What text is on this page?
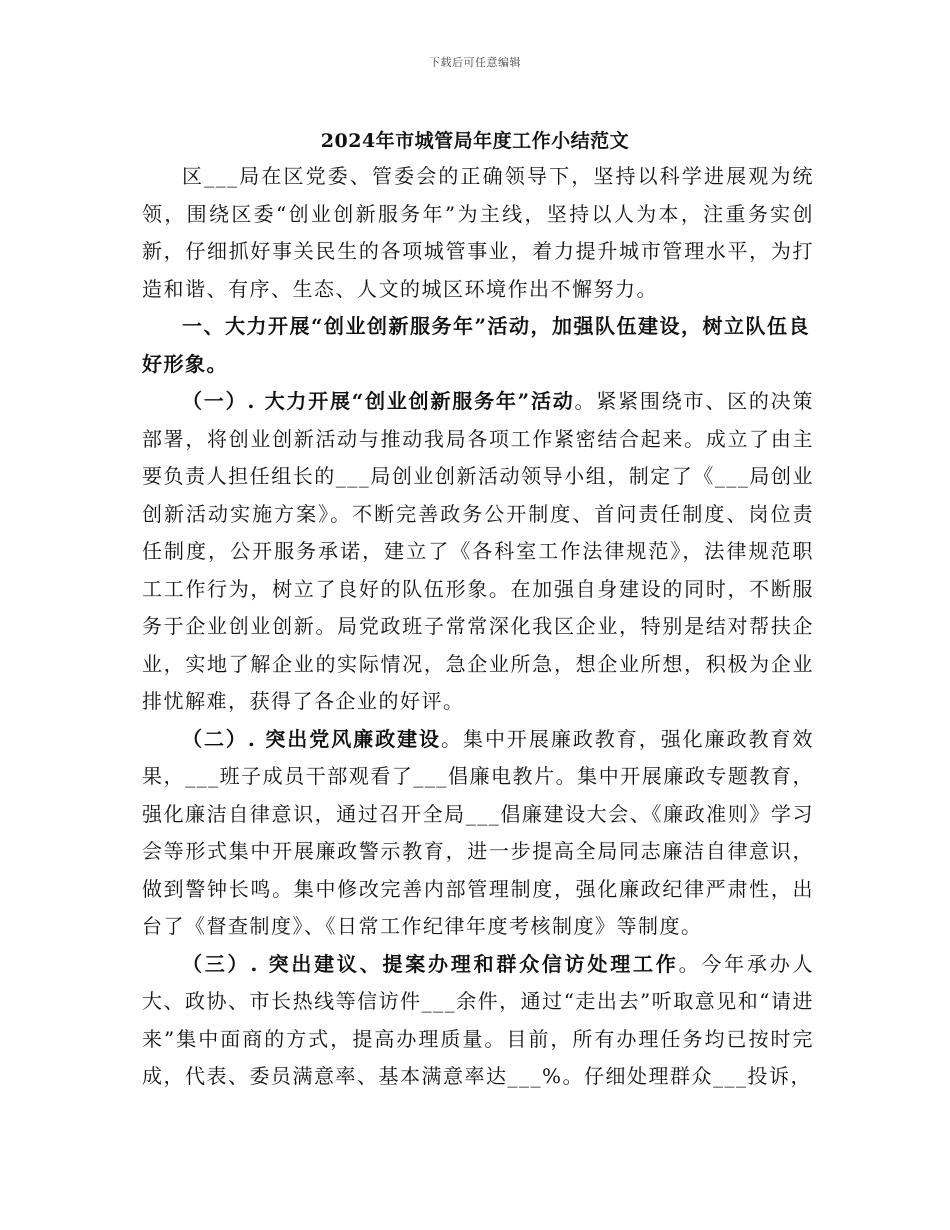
下载后可任意编辑
2024年市城管局年度工作小结范文

区___局在区党委、管委会的正确领导下，坚持以科学进展观为统领，围绕区委“创业创新服务年”为主线，坚持以人为本，注重务实创新，仔细抓好事关民生的各项城管事业，着力提升城市管理水平，为打造和谐、有序、生态、人文的城区环境作出不懈努力。

一、大力开展“创业创新服务年”活动，加强队伍建设，树立队伍良好形象。

（一）. 大力开展“创业创新服务年”活动。紧紧围绕市、区的决策部署，将创业创新活动与推动我局各项工作紧密结合起来。成立了由主要负责人担任组长的___局创业创新活动领导小组，制定了《___局创业创新活动实施方案》。不断完善政务公开制度、首问责任制度、岗位责任制度，公开服务承诺，建立了《各科室工作法律规范》，法律规范职工工作行为，树立了良好的队伍形象。在加强自身建设的同时，不断服务于企业创业创新。局党政班子常常深化我区企业，特别是结对帮扶企业，实地了解企业的实际情况，急企业所急，想企业所想，积极为企业排忧解难，获得了各企业的好评。

（二）. 突出党风廉政建设。集中开展廉政教育，强化廉政教育效果，___班子成员干部观看了___倡廉电教片。集中开展廉政专题教育，强化廉洁自律意识，通过召开全局___倡廉建设大会、《廉政准则》学习会等形式集中开展廉政警示教育，进一步提高全局同志廉洁自律意识，做到警钟长鸣。集中修改完善内部管理制度，强化廉政纪律严肃性，出台了《督查制度》、《日常工作纪律年度考核制度》等制度。

（三）. 突出建议、提案办理和群众信访处理工作。今年承办人大、政协、市长热线等信访件___余件，通过“走出去”听取意见和“请进来”集中面商的方式，提高办理质量。目前，所有办理任务均已按时完成，代表、委员满意率、基本满意率达___%。仔细处理群众___投诉，
